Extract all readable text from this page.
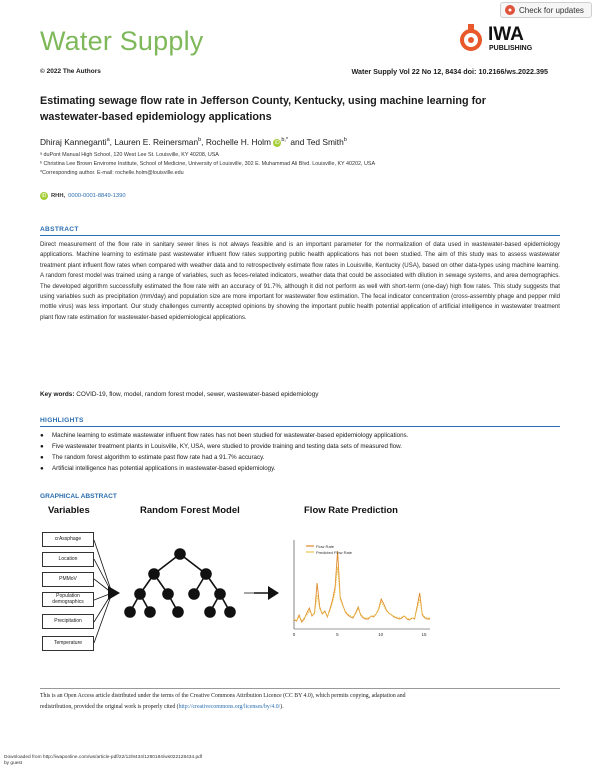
Water Supply
● Check for updates
IWA
PUBLISHING
© 2022 The Authors	Water Supply Vol 22 No 12, 8434 doi: 10.2166/ws.2022.395
Estimating sewage flow rate in Jefferson County, Kentucky, using machine learning for
wastewater-based epidemiology applications
Dhiraj Kanneganti$^a$, Lauren E. Reinersman$^b$, Rochelle H. Holm iD $^{b,*}$ and Ted Smith$^b$
ᵃ duPont Manual High School, 120 West Lee St. Louisville, KY 40208, USA
ᵇ Christina Lee Brown Envirome Institute, School of Medicine, University of Louisville, 302 E. Muhammad Ali Blvd. Louisville, KY 40202, USA
*Corresponding author. E-mail: rochelle.holm@louisville.edu
iD RHH, 0000-0001-8849-1390
ABSTRACT
Direct measurement of the flow rate in sanitary sewer lines is not always feasible and is an important parameter for the normalization of data used in wastewater-based epidemiology applications. Machine learning to estimate past wastewater influent flow rates supporting public health applications has not been studied. The aim of this study was to assess wastewater treatment plant influent flow rates when compared with weather data and to retrospectively estimate flow rates in Louisville, Kentucky (USA), based on other data-types using machine learning. A random forest model was trained using a range of variables, such as feces-related indicators, weather data that could be associated with dilution in sewage systems, and area demographics. The developed algorithm successfully estimated the flow rate with an accuracy of 91.7%, although it did not perform as well with short-term (one-day) high flow rates. This study suggests that using variables such as precipitation (mm/day) and population size are more important for wastewater flow estimation. The fecal indicator concentration (cross-assembly phage and pepper mild mottle virus) was less important. Our study challenges currently accepted opinions by showing the important public health potential application of artificial intelligence in wastewater treatment plant flow rate estimation for wastewater-based epidemiological applications.
Key words: COVID-19, flow, model, random forest model, sewer, wastewater-based epidemiology
HIGHLIGHTS
●	Machine learning to estimate wastewater influent flow rates has not been studied for wastewater-based epidemiology applications.
●	Five wastewater treatment plants in Louisville, KY, USA, were studied to provide training and testing data sets of measured flow.
●	The random forest algorithm to estimate past flow rate had a 91.7% accuracy.
●	Artificial intelligence has potential applications in wastewater-based epidemiology.
GRAPHICAL ABSTRACT
Variables	Random Forest Model	Flow Rate Prediction
crAssphage
Location
PMMoV
Population demographics
Precipitation
Temperature
0	5	10	15
Flow Rate
Predicted Flow Rate
This is an Open Access article distributed under the terms of the Creative Commons Attribution Licence (CC BY 4.0), which permits copying, adaptation and
redistribution, provided the original work is properly cited (http://creativecommons.org/licenses/by/4.0/).
Downloaded from http://iwaponline.com/ws/article-pdf/22/12/8434/1280184/ws022128434.pdf
by guest
